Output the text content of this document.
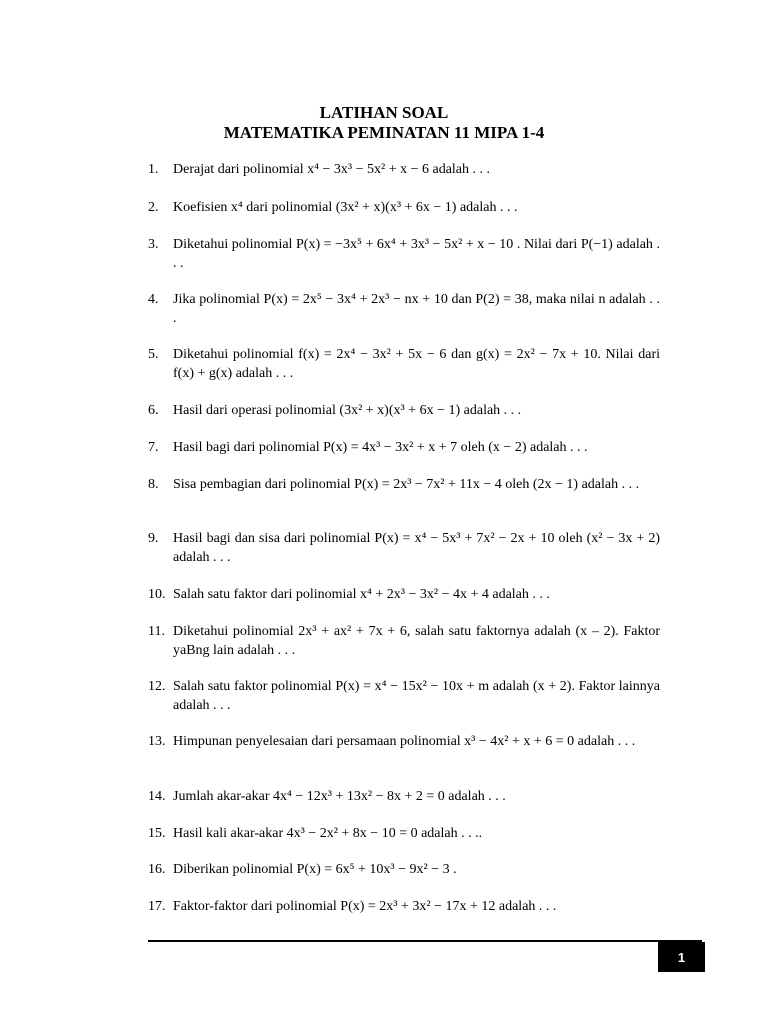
LATIHAN SOAL
MATEMATIKA PEMINATAN 11 MIPA 1-4
1.	Derajat dari polinomial x⁴ − 3x³ − 5x² + x − 6 adalah . . .
2.	Koefisien x⁴ dari polinomial (3x² + x)(x³ + 6x − 1) adalah . . .
3.	Diketahui polinomial P(x) = −3x⁵ + 6x⁴ + 3x³ − 5x² + x − 10 . Nilai dari P(−1) adalah . . .
4.	Jika polinomial P(x) = 2x⁵ − 3x⁴ + 2x³ − nx + 10 dan P(2) = 38, maka nilai n adalah . . .
5.	Diketahui polinomial f(x) = 2x⁴ − 3x² + 5x − 6 dan g(x) = 2x² − 7x + 10. Nilai dari f(x) + g(x) adalah . . .
6.	Hasil dari operasi polinomial (3x² + x)(x³ + 6x − 1) adalah . . .
7.	Hasil bagi dari polinomial P(x) = 4x³ − 3x² + x + 7 oleh (x − 2) adalah . . .
8.	Sisa pembagian dari polinomial P(x) = 2x³ − 7x² + 11x − 4 oleh (2x − 1) adalah . . .
9.	Hasil bagi dan sisa dari polinomial P(x) = x⁴ − 5x³ + 7x² − 2x + 10 oleh (x² − 3x + 2) adalah . . .
10. Salah satu faktor dari polinomial x⁴ + 2x³ − 3x² − 4x + 4 adalah . . .
11. Diketahui polinomial 2x³ + ax² + 7x + 6, salah satu faktornya adalah (x – 2). Faktor yaBng lain adalah . . .
12. Salah satu faktor polinomial P(x) = x⁴ − 15x² − 10x + m adalah (x + 2). Faktor lainnya adalah . . .
13. Himpunan penyelesaian dari persamaan polinomial x³ − 4x² + x + 6 = 0 adalah . . .
14. Jumlah akar-akar 4x⁴ − 12x³ + 13x² − 8x + 2 = 0 adalah . . .
15. Hasil kali akar-akar 4x³ − 2x² + 8x − 10 = 0 adalah . . ..
16. Diberikan polinomial P(x) = 6x⁵ + 10x³ − 9x² − 3 .
17. Faktor-faktor dari polinomial P(x) = 2x³ + 3x² − 17x + 12 adalah . . .
1
